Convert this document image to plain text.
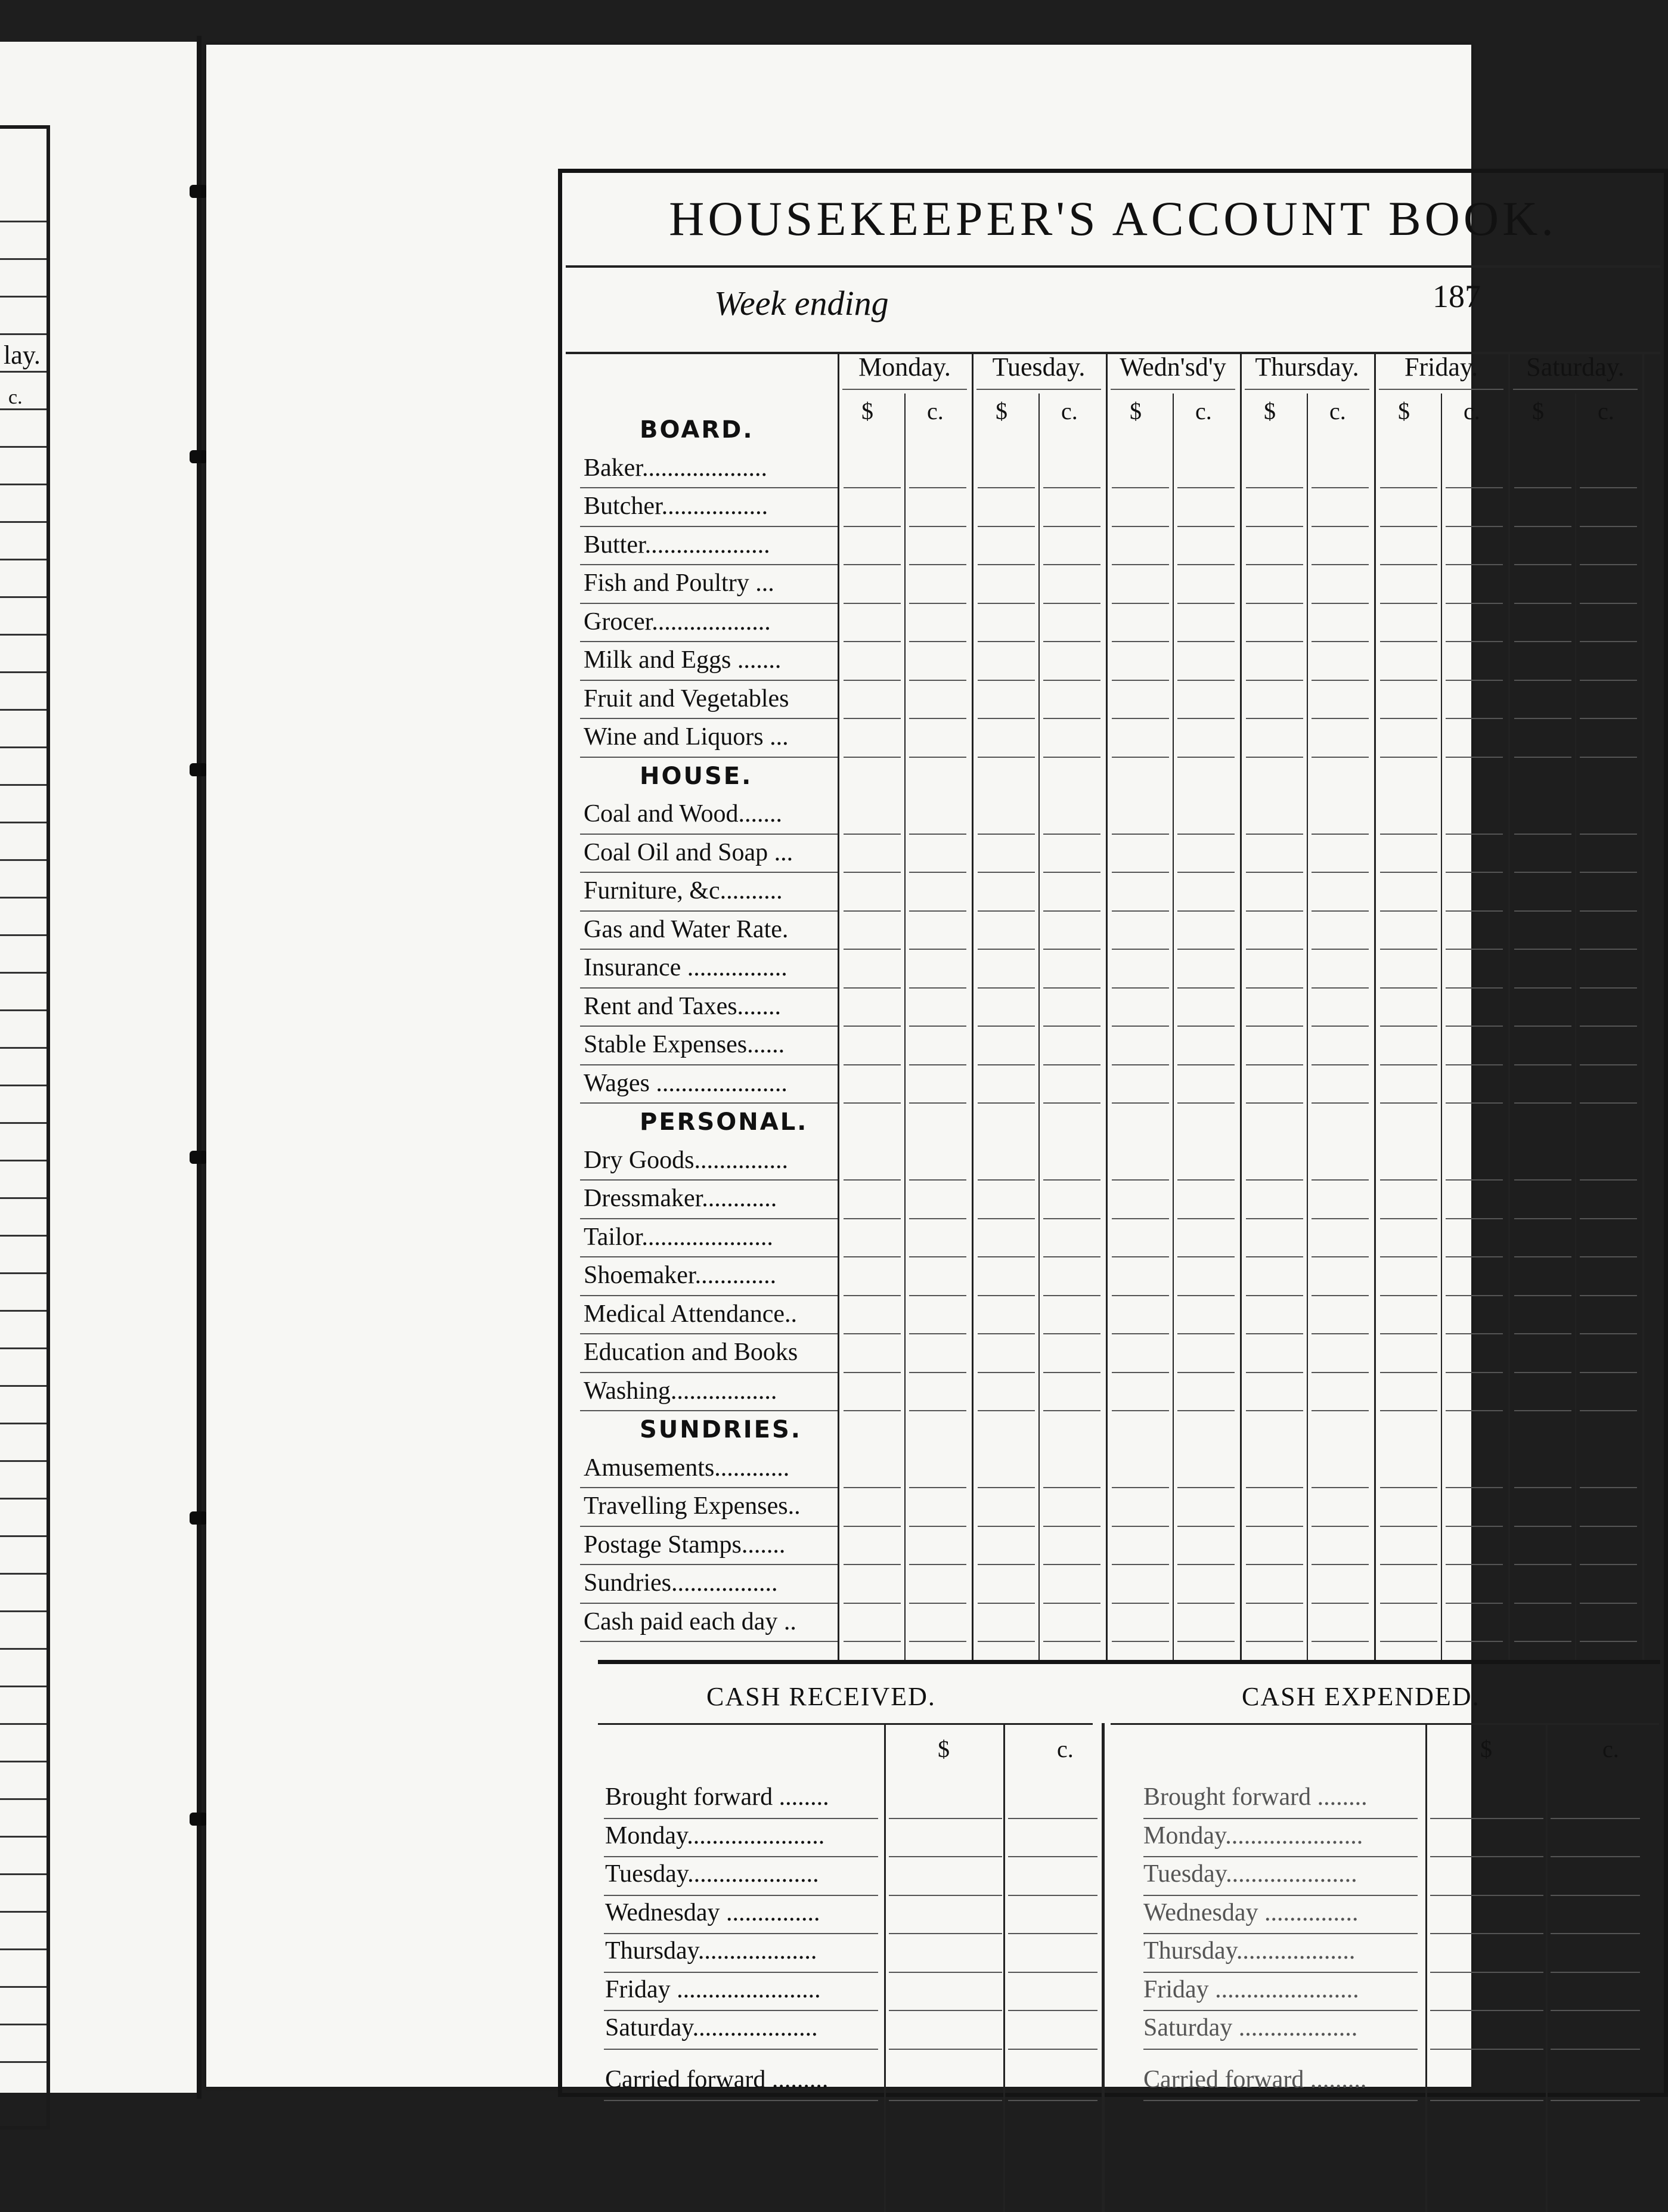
lay.
c.
HOUSEKEEPER'S ACCOUNT BOOK.
Week ending	187
Monday.
$ c.
Tuesday.
$ c.
Wedn'sd'y
$ c.
Thursday.
$ c.
Friday.
$ c.
Saturday.
$ c.
BOARD.
Baker....................
Butcher.................
Butter....................
Fish and Poultry ...
Grocer...................
Milk and Eggs .......
Fruit and Vegetables
Wine and Liquors ...
HOUSE.
Coal and Wood.......
Coal Oil and Soap ...
Furniture, &c..........
Gas and Water Rate.
Insurance ................
Rent and Taxes.......
Stable Expenses......
Wages .....................
PERSONAL.
Dry Goods...............
Dressmaker............
Tailor.....................
Shoemaker.............
Medical Attendance..
Education and Books
Washing.................
SUNDRIES.
Amusements............
Travelling Expenses..
Postage Stamps.......
Sundries.................
Cash paid each day ..
CASH RECEIVED.	CASH EXPENDED.
$	c.	$	c.
Brought forward ........
Monday......................
Tuesday.....................
Wednesday ...............
Thursday...................
Friday .......................
Saturday....................
Carried forward .........
Brought forward ........
Monday......................
Tuesday.....................
Wednesday ...............
Thursday...................
Friday .......................
Saturday ...................
Carried forward .........
